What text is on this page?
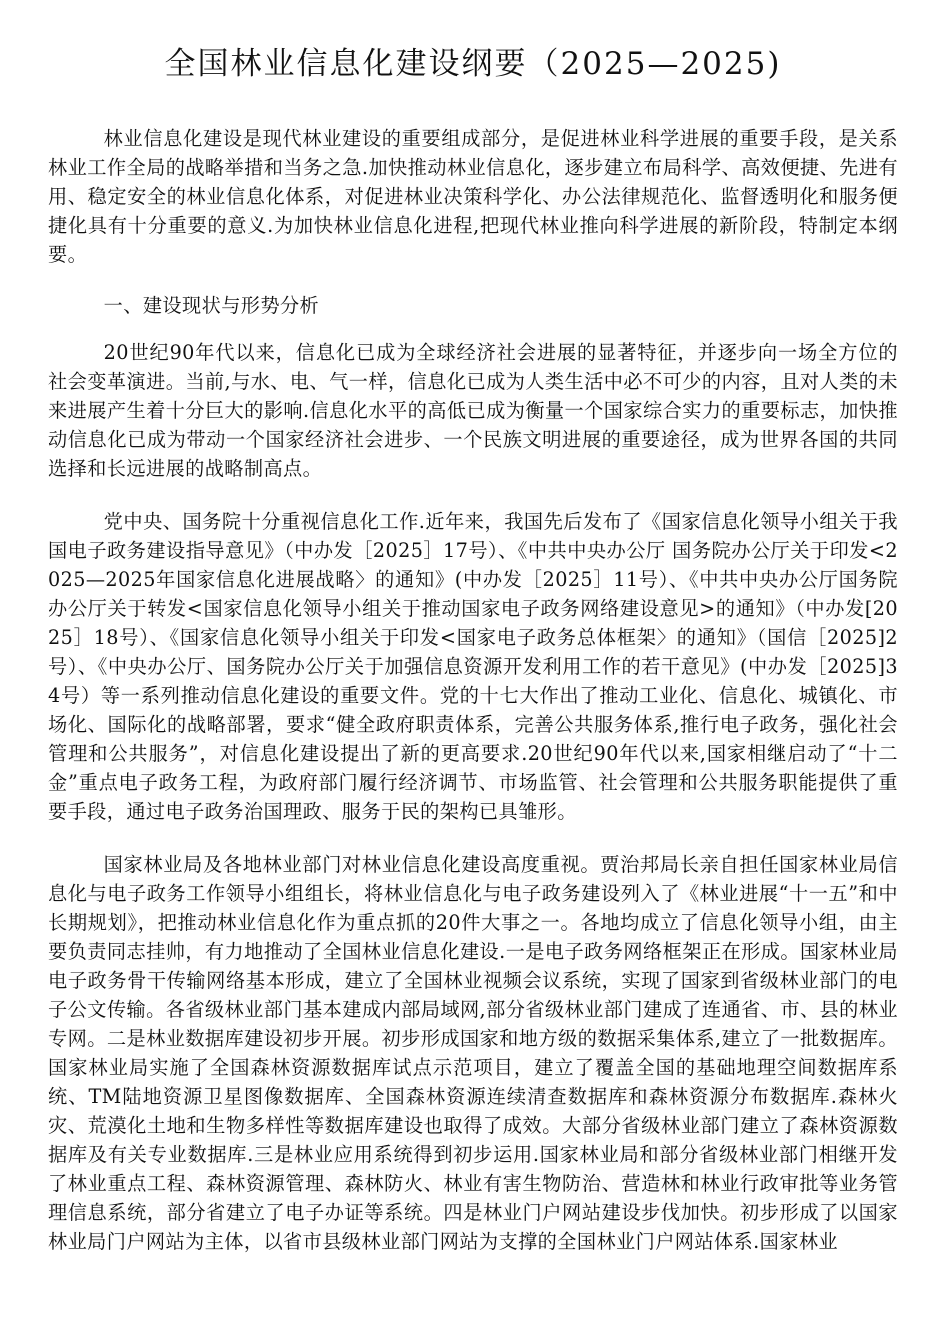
全国林业信息化建设纲要（2025—2025)

林业信息化建设是现代林业建设的重要组成部分，是促进林业科学进展的重要手段，是关系林业工作全局的战略举措和当务之急.加快推动林业信息化，逐步建立布局科学、高效便捷、先进有用、稳定安全的林业信息化体系，对促进林业决策科学化、办公法律规范化、监督透明化和服务便捷化具有十分重要的意义.为加快林业信息化进程,把现代林业推向科学进展的新阶段，特制定本纲要。

一、建设现状与形势分析

20世纪90年代以来，信息化已成为全球经济社会进展的显著特征，并逐步向一场全方位的社会变革演进。当前,与水、电、气一样，信息化已成为人类生活中必不可少的内容，且对人类的未来进展产生着十分巨大的影响.信息化水平的高低已成为衡量一个国家综合实力的重要标志，加快推动信息化已成为带动一个国家经济社会进步、一个民族文明进展的重要途径，成为世界各国的共同选择和长远进展的战略制高点。

党中央、国务院十分重视信息化工作.近年来，我国先后发布了《国家信息化领导小组关于我国电子政务建设指导意见》（中办发［2025］17号）、《中共中央办公厅 国务院办公厅关于印发<2025—2025年国家信息化进展战略〉的通知》(中办发［2025］11号）、《中共中央办公厅国务院办公厅关于转发<国家信息化领导小组关于推动国家电子政务网络建设意见>的通知》（中办发[2025］18号）、《国家信息化领导小组关于印发<国家电子政务总体框架〉的通知》（国信［2025]2号）、《中央办公厅、国务院办公厅关于加强信息资源开发利用工作的若干意见》(中办发［2025]34号）等一系列推动信息化建设的重要文件。党的十七大作出了推动工业化、信息化、城镇化、市场化、国际化的战略部署，要求“健全政府职责体系，完善公共服务体系,推行电子政务，强化社会管理和公共服务”，对信息化建设提出了新的更高要求.20世纪90年代以来,国家相继启动了“十二金”重点电子政务工程，为政府部门履行经济调节、市场监管、社会管理和公共服务职能提供了重要手段，通过电子政务治国理政、服务于民的架构已具雏形。

国家林业局及各地林业部门对林业信息化建设高度重视。贾治邦局长亲自担任国家林业局信息化与电子政务工作领导小组组长，将林业信息化与电子政务建设列入了《林业进展“十一五”和中长期规划》，把推动林业信息化作为重点抓的20件大事之一。各地均成立了信息化领导小组，由主要负责同志挂帅，有力地推动了全国林业信息化建设.一是电子政务网络框架正在形成。国家林业局电子政务骨干传输网络基本形成，建立了全国林业视频会议系统，实现了国家到省级林业部门的电子公文传输。各省级林业部门基本建成内部局域网,部分省级林业部门建成了连通省、市、县的林业专网。二是林业数据库建设初步开展。初步形成国家和地方级的数据采集体系,建立了一批数据库。国家林业局实施了全国森林资源数据库试点示范项目，建立了覆盖全国的基础地理空间数据库系统、TM陆地资源卫星图像数据库、全国森林资源连续清查数据库和森林资源分布数据库.森林火灾、荒漠化土地和生物多样性等数据库建设也取得了成效。大部分省级林业部门建立了森林资源数据库及有关专业数据库.三是林业应用系统得到初步运用.国家林业局和部分省级林业部门相继开发了林业重点工程、森林资源管理、森林防火、林业有害生物防治、营造林和林业行政审批等业务管理信息系统，部分省建立了电子办证等系统。四是林业门户网站建设步伐加快。初步形成了以国家林业局门户网站为主体，以省市县级林业部门网站为支撑的全国林业门户网站体系.国家林业
